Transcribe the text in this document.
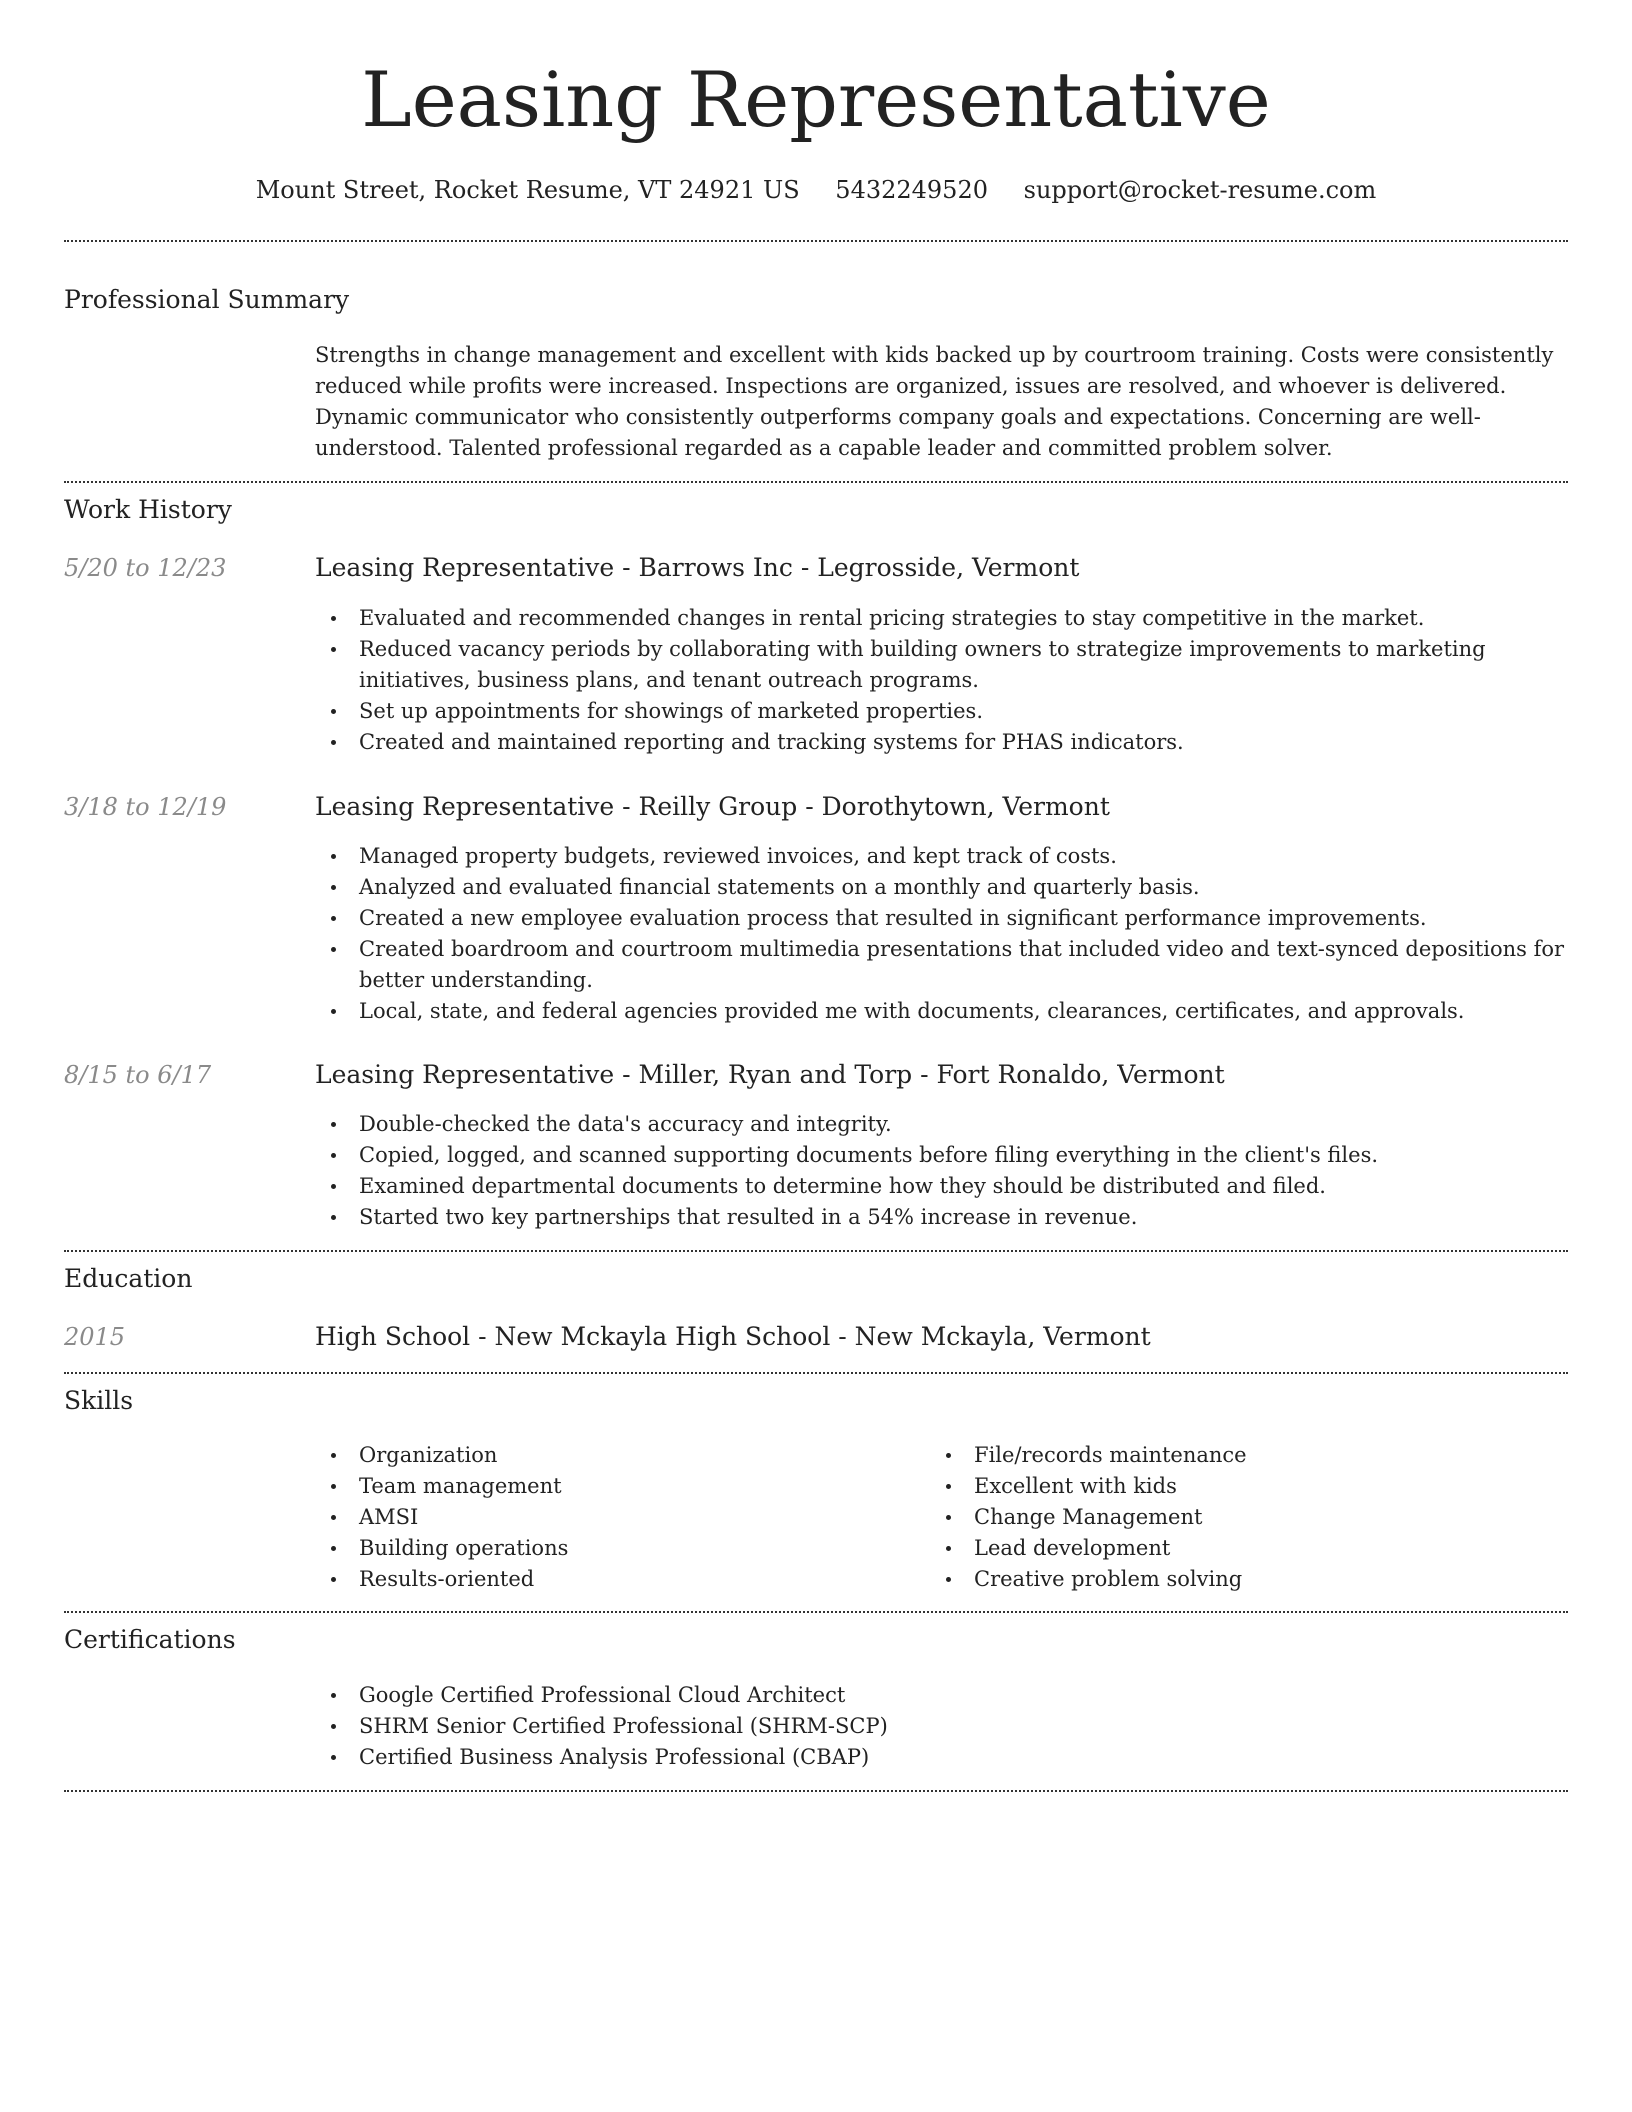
Leasing Representative
Mount Street, Rocket Resume, VT 24921 US 5432249520 support@rocket-resume.com
Professional Summary
Strengths in change management and excellent with kids backed up by courtroom training. Costs were consistently reduced while profits were increased. Inspections are organized, issues are resolved, and whoever is delivered. Dynamic communicator who consistently outperforms company goals and expectations. Concerning are well-understood. Talented professional regarded as a capable leader and committed problem solver.
Work History
5/20 to 12/23	Leasing Representative - Barrows Inc - Legrosside, Vermont
Evaluated and recommended changes in rental pricing strategies to stay competitive in the market.
Reduced vacancy periods by collaborating with building owners to strategize improvements to marketing initiatives, business plans, and tenant outreach programs.
Set up appointments for showings of marketed properties.
Created and maintained reporting and tracking systems for PHAS indicators.
3/18 to 12/19	Leasing Representative - Reilly Group - Dorothytown, Vermont
Managed property budgets, reviewed invoices, and kept track of costs.
Analyzed and evaluated financial statements on a monthly and quarterly basis.
Created a new employee evaluation process that resulted in significant performance improvements.
Created boardroom and courtroom multimedia presentations that included video and text-synced depositions for better understanding.
Local, state, and federal agencies provided me with documents, clearances, certificates, and approvals.
8/15 to 6/17	Leasing Representative - Miller, Ryan and Torp - Fort Ronaldo, Vermont
Double-checked the data's accuracy and integrity.
Copied, logged, and scanned supporting documents before filing everything in the client's files.
Examined departmental documents to determine how they should be distributed and filed.
Started two key partnerships that resulted in a 54% increase in revenue.
Education
2015	High School - New Mckayla High School - New Mckayla, Vermont
Skills
Organization
Team management
AMSI
Building operations
Results-oriented
File/records maintenance
Excellent with kids
Change Management
Lead development
Creative problem solving
Certifications
Google Certified Professional Cloud Architect
SHRM Senior Certified Professional (SHRM-SCP)
Certified Business Analysis Professional (CBAP)
